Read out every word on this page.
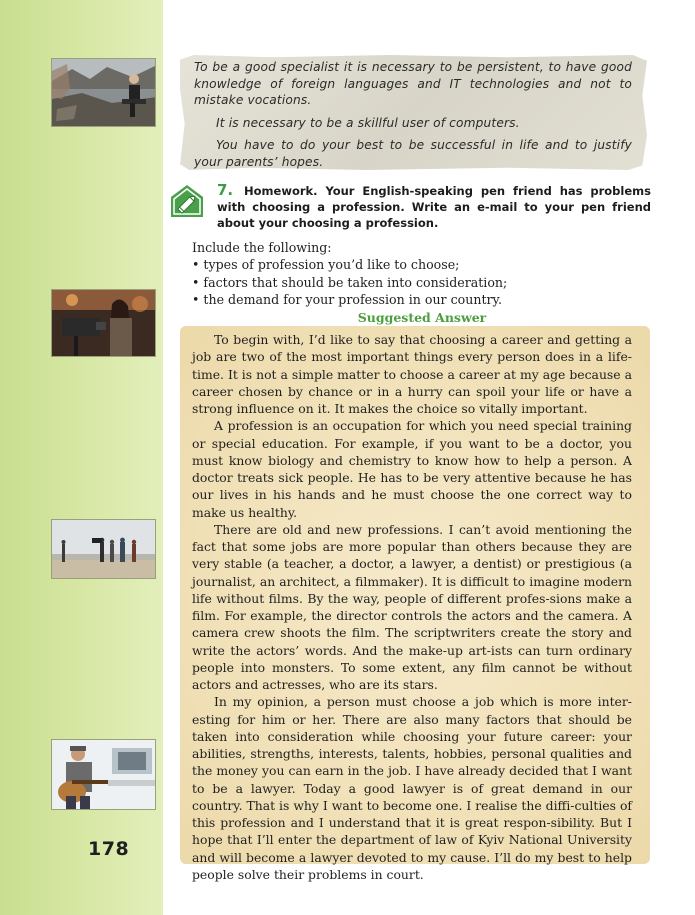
178
To be a good specialist it is necessary to be persistent, to have good knowledge of foreign languages and IT technologies and not to mistake vocations.
It is necessary to be a skillful user of computers.
You have to do your best to be successful in life and to justify your parents’ hopes.
7. Homework. Your English-speaking pen friend has problems with choosing a profession. Write an e-mail to your pen friend about your choosing a profession.
Include the following:
• types of profession you’d like to choose;
• factors that should be taken into consideration;
• the demand for your profession in our country.
Suggested Answer

To begin with, I’d like to say that choosing a career and getting a job are two of the most important things every person does in a life-time. It is not a simple matter to choose a career at my age because a career chosen by chance or in a hurry can spoil your life or have a strong influence on it. It makes the choice so vitally important.

A profession is an occupation for which you need special training or special education. For example, if you want to be a doctor, you must know biology and chemistry to know how to help a person. A doctor treats sick people. He has to be very attentive because he has our lives in his hands and he must choose the one correct way to make us healthy.

There are old and new professions. I can’t avoid mentioning the fact that some jobs are more popular than others because they are very stable (a teacher, a doctor, a lawyer, a dentist) or prestigious (a journalist, an architect, a filmmaker). It is difficult to imagine modern life without films. By the way, people of different profes-sions make a film. For example, the director controls the actors and the camera. A camera crew shoots the film. The scriptwriters create the story and write the actors’ words. And the make-up art-ists can turn ordinary people into monsters. To some extent, any film cannot be without actors and actresses, who are its stars.

In my opinion, a person must choose a job which is more inter-esting for him or her. There are also many factors that should be taken into consideration while choosing your future career: your abilities, strengths, interests, talents, hobbies, personal qualities and the money you can earn in the job. I have already decided that I want to be a lawyer. Today a good lawyer is of great demand in our country. That is why I want to become one. I realise the diffi-culties of this profession and I understand that it is great respon-sibility. But I hope that I’ll enter the department of law of Kyiv National University and will become a lawyer devoted to my cause. I’ll do my best to help people solve their problems in court.
